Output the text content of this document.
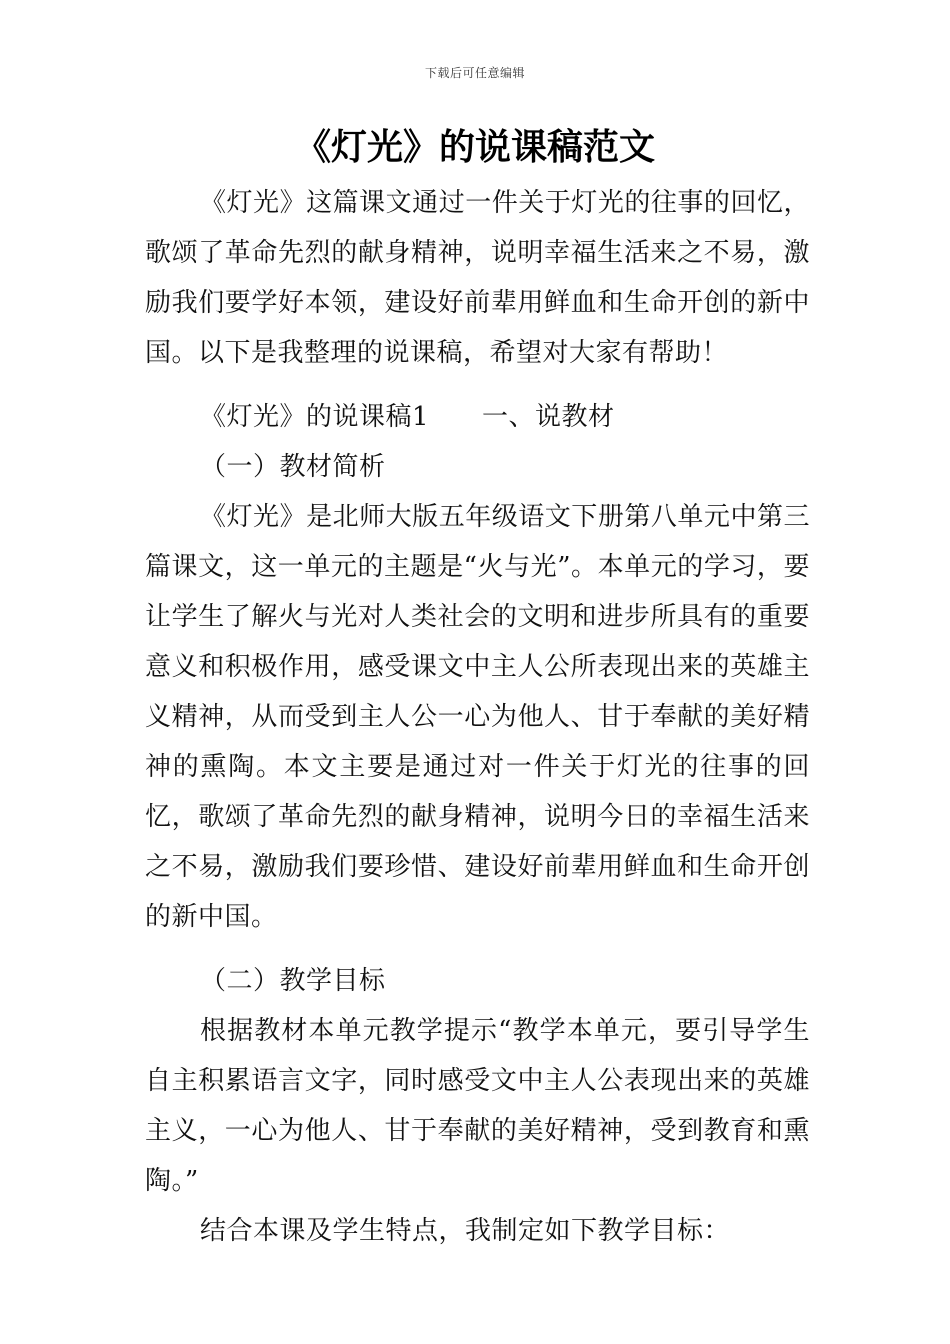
下载后可任意编辑
《灯光》的说课稿范文

《灯光》这篇课文通过一件关于灯光的往事的回忆，歌颂了革命先烈的献身精神，说明幸福生活来之不易，激励我们要学好本领，建设好前辈用鲜血和生命开创的新中国。以下是我整理的说课稿，希望对大家有帮助！

《灯光》的说课稿1　　一、说教材

（一）教材简析

《灯光》是北师大版五年级语文下册第八单元中第三篇课文，这一单元的主题是“火与光”。本单元的学习，要让学生了解火与光对人类社会的文明和进步所具有的重要意义和积极作用，感受课文中主人公所表现出来的英雄主义精神，从而受到主人公一心为他人、甘于奉献的美好精神的熏陶。本文主要是通过对一件关于灯光的往事的回忆，歌颂了革命先烈的献身精神，说明今日的幸福生活来之不易，激励我们要珍惜、建设好前辈用鲜血和生命开创的新中国。

（二）教学目标

根据教材本单元教学提示“教学本单元，要引导学生自主积累语言文字，同时感受文中主人公表现出来的英雄主义，一心为他人、甘于奉献的美好精神，受到教育和熏陶。”

结合本课及学生特点，我制定如下教学目标：
